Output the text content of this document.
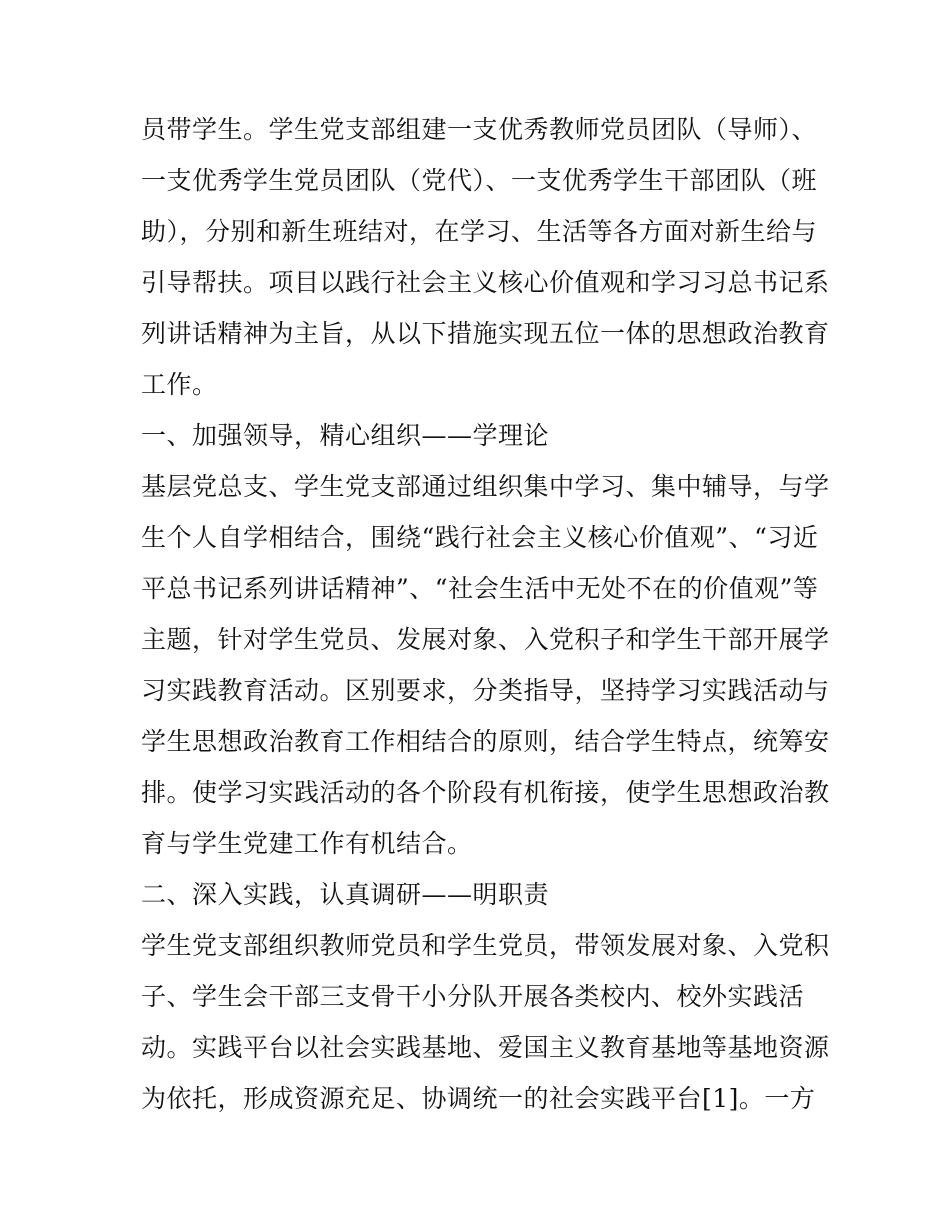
员带学生。学生党支部组建一支优秀教师党员团队（导师）、
一支优秀学生党员团队（党代）、一支优秀学生干部团队（班
助），分别和新生班结对，在学习、生活等各方面对新生给与
引导帮扶。项目以践行社会主义核心价值观和学习习总书记系
列讲话精神为主旨，从以下措施实现五位一体的思想政治教育
工作。
一、加强领导，精心组织——学理论
基层党总支、学生党支部通过组织集中学习、集中辅导，与学
生个人自学相结合，围绕“践行社会主义核心价值观”、“习近
平总书记系列讲话精神”、“社会生活中无处不在的价值观”等
主题，针对学生党员、发展对象、入党积子和学生干部开展学
习实践教育活动。区别要求，分类指导，坚持学习实践活动与
学生思想政治教育工作相结合的原则，结合学生特点，统筹安
排。使学习实践活动的各个阶段有机衔接，使学生思想政治教
育与学生党建工作有机结合。
二、深入实践，认真调研——明职责
学生党支部组织教师党员和学生党员，带领发展对象、入党积
子、学生会干部三支骨干小分队开展各类校内、校外实践活
动。实践平台以社会实践基地、爱国主义教育基地等基地资源
为依托，形成资源充足、协调统一的社会实践平台[1]。一方
